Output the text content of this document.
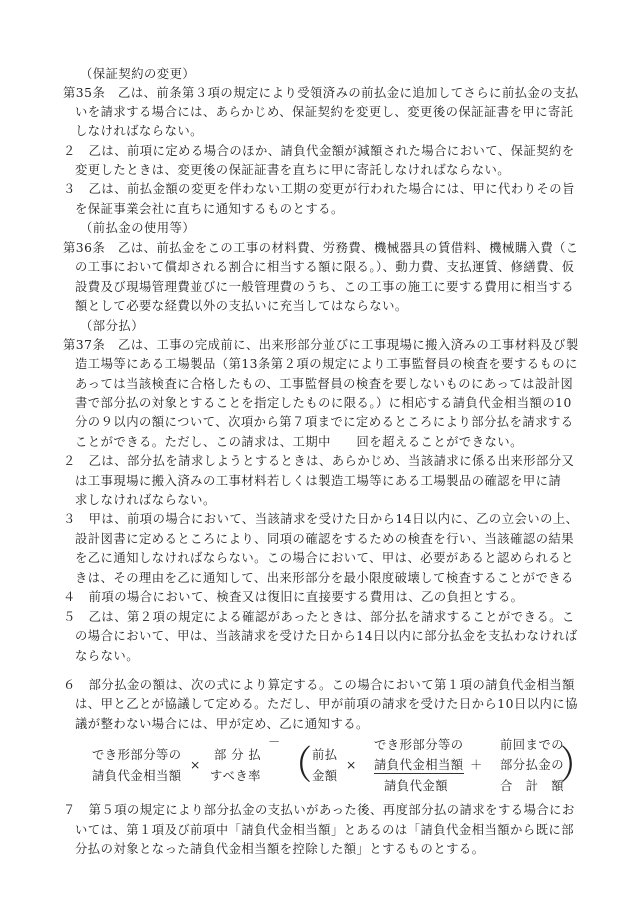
（保証契約の変更）
第35条　乙は、前条第３項の規定により受領済みの前払金に追加してさらに前払金の支払
いを請求する場合には、あらかじめ、保証契約を変更し、変更後の保証証書を甲に寄託
しなければならない。
２　乙は、前項に定める場合のほか、請負代金額が減額された場合において、保証契約を
変更したときは、変更後の保証証書を直ちに甲に寄託しなければならない。
３　乙は、前払金額の変更を伴わない工期の変更が行われた場合には、甲に代わりその旨
を保証事業会社に直ちに通知するものとする。
（前払金の使用等）
第36条　乙は、前払金をこの工事の材料費、労務費、機械器具の賃借料、機械購入費（こ
の工事において償却される割合に相当する額に限る。）、動力費、支払運賃、修繕費、仮
設費及び現場管理費並びに一般管理費のうち、この工事の施工に要する費用に相当する
額として必要な経費以外の支払いに充当してはならない。
（部分払）
第37条　乙は、工事の完成前に、出来形部分並びに工事現場に搬入済みの工事材料及び製
造工場等にある工場製品（第13条第２項の規定により工事監督員の検査を要するものに
あっては当該検査に合格したもの、工事監督員の検査を要しないものにあっては設計図
書で部分払の対象とすることを指定したものに限る。）に相応する請負代金相当額の10
分の９以内の額について、次項から第７項までに定めるところにより部分払を請求する
ことができる。ただし、この請求は、工期中　　回を超えることができない。
２　乙は、部分払を請求しようとするときは、あらかじめ、当該請求に係る出来形部分又
は工事現場に搬入済みの工事材料若しくは製造工場等にある工場製品の確認を甲に請
求しなければならない。
３　甲は、前項の場合において、当該請求を受けた日から14日以内に、乙の立会いの上、
設計図書に定めるところにより、同項の確認をするための検査を行い、当該確認の結果
を乙に通知しなければならない。この場合において、甲は、必要があると認められると
きは、その理由を乙に通知して、出来形部分を最小限度破壊して検査することができる
４　前項の場合において、検査又は復旧に直接要する費用は、乙の負担とする。
５　乙は、第２項の規定による確認があったときは、部分払を請求することができる。こ
の場合において、甲は、当該請求を受けた日から14日以内に部分払金を支払わなければ
ならない。
６　部分払金の額は、次の式により算定する。この場合において第１項の請負代金相当額
は、甲と乙とが協議して定める。ただし、甲が前項の請求を受けた日から10日以内に協
議が整わない場合には、甲が定め、乙に通知する。
でき形部分等の
請負代金相当額
×
部 分 払
すべき率
－
（ 前払
金額
×
でき形部分等の
請負代金相当額
請負代金額
＋
前回までの
部分払金の
合　計　額
）
７　第５項の規定により部分払金の支払いがあった後、再度部分払の請求をする場合にお
いては、第１項及び前項中「請負代金相当額」とあるのは「請負代金相当額から既に部
分払の対象となった請負代金相当額を控除した額」とするものとする。
